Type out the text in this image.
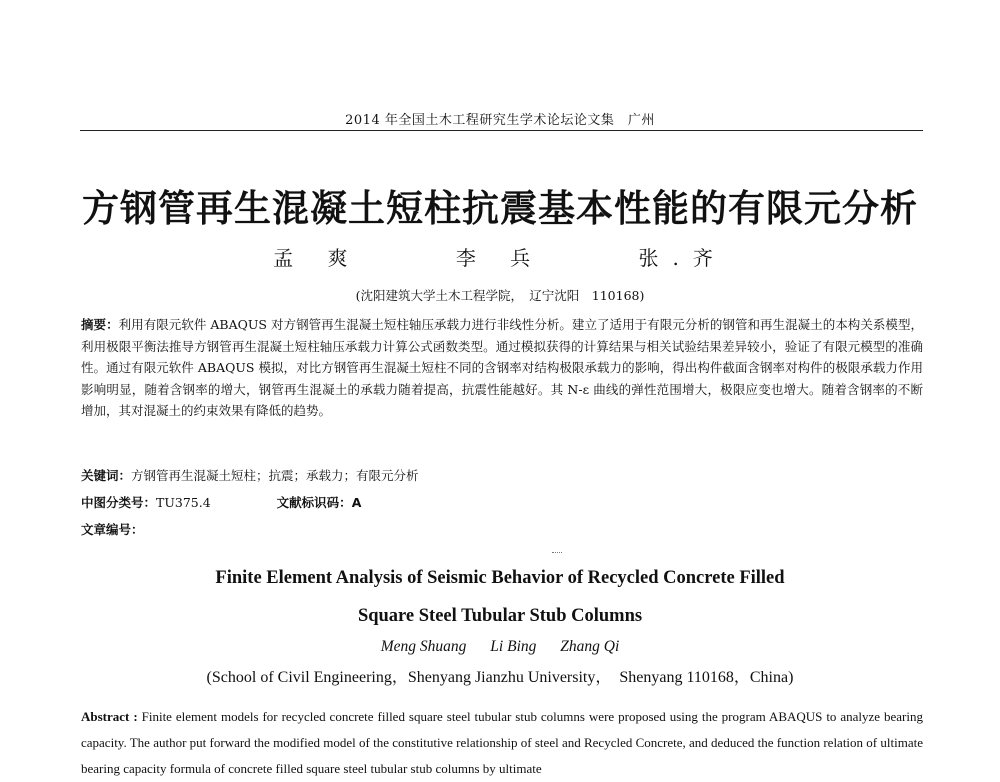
2014 年全国土木工程研究生学术论坛论文集　广州
方钢管再生混凝土短柱抗震基本性能的有限元分析
孟 爽	李 兵	张.齐
(沈阳建筑大学土木工程学院，　辽宁沈阳　110168)
摘要：利用有限元软件 ABAQUS 对方钢管再生混凝土短柱轴压承载力进行非线性分析。建立了适用于有限元分析的钢管和再生混凝土的本构关系模型，利用极限平衡法推导方钢管再生混凝土短柱轴压承载力计算公式函数类型。通过模拟获得的计算结果与相关试验结果差异较小，验证了有限元模型的准确性。通过有限元软件 ABAQUS 模拟，对比方钢管再生混凝土短柱不同的含钢率对结构极限承载力的影响，得出构件截面含钢率对构件的极限承载力作用影响明显，随着含钢率的增大，钢管再生混凝土的承载力随着提高，抗震性能越好。其 N-ε 曲线的弹性范围增大，极限应变也增大。随着含钢率的不断增加，其对混凝土的约束效果有降低的趋势。
关键词：方钢管再生混凝土短柱；抗震；承载力；有限元分析
中图分类号：TU375.4	文献标识码：A
文章编号：
Finite Element Analysis of Seismic Behavior of Recycled Concrete Filled
Square Steel Tubular Stub Columns
Meng Shuang Li Bing Zhang Qi
(School of Civil Engineering，Shenyang Jianzhu University，　Shenyang 110168，China)
Abstract : Finite element models for recycled concrete filled square steel tubular stub columns were proposed using the program ABAQUS to analyze bearing capacity. The author put forward the modified model of the constitutive relationship of steel and Recycled Concrete, and deduced the function relation of ultimate bearing capacity formula of concrete filled square steel tubular stub columns by ultimate
